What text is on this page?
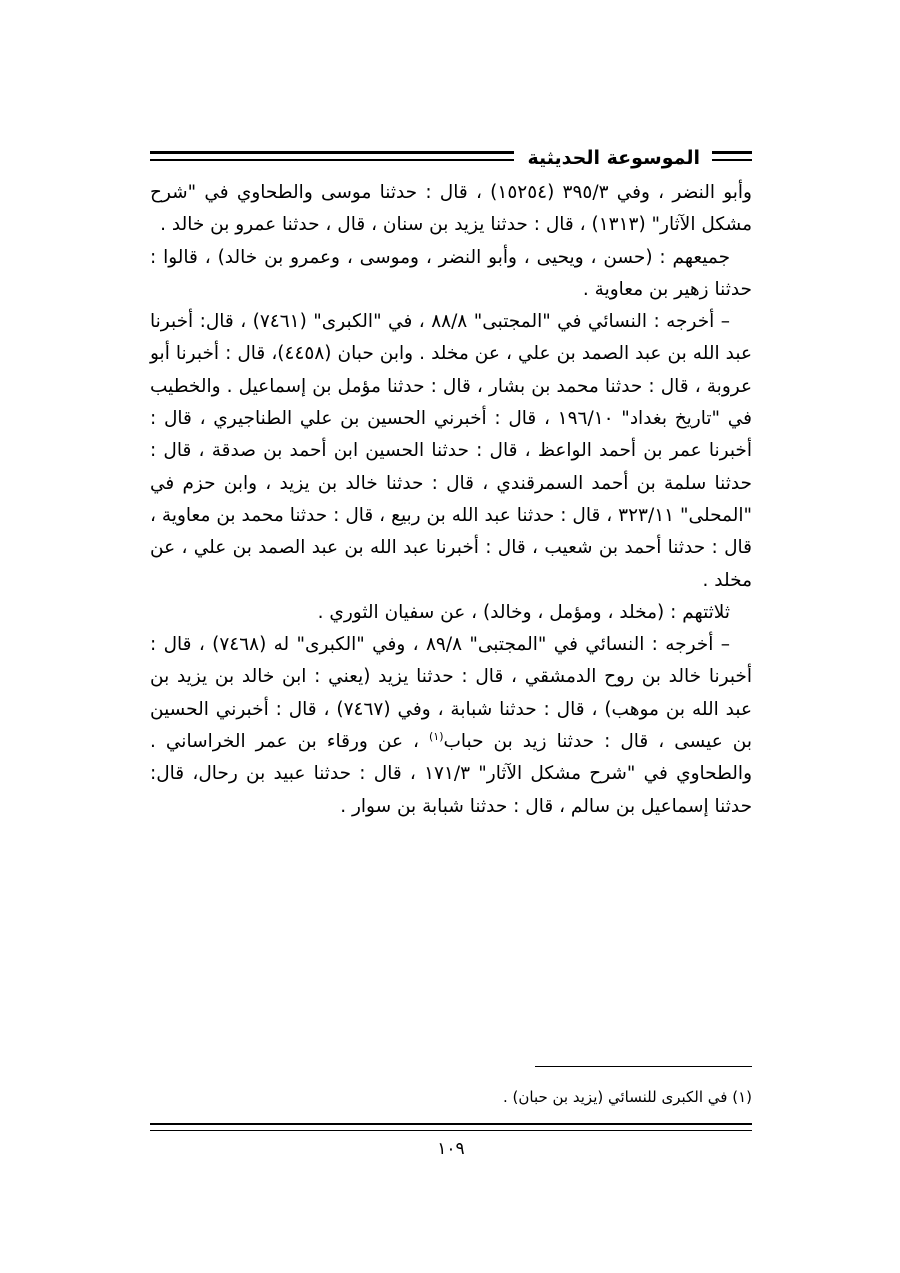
الموسوعة الحديثية

وأبو النضر ، وفي ٣٩٥/٣ (١٥٢٥٤) ، قال : حدثنا موسى والطحاوي في "شرح مشكل الآثار" (١٣١٣) ، قال : حدثنا يزيد بن سنان ، قال ، حدثنا عمرو بن خالد .

جميعهم : (حسن ، ويحيى ، وأبو النضر ، وموسى ، وعمرو بن خالد) ، قالوا : حدثنا زهير بن معاوية .

– أخرجه : النسائي في "المجتبى" ٨٨/٨ ، في "الكبرى" (٧٤٦١) ، قال: أخبرنا عبد الله بن عبد الصمد بن علي ، عن مخلد . وابن حبان (٤٤٥٨)، قال : أخبرنا أبو عروبة ، قال : حدثنا محمد بن بشار ، قال : حدثنا مؤمل بن إسماعيل . والخطيب في "تاريخ بغداد" ١٩٦/١٠ ، قال : أخبرني الحسين بن علي الطناجيري ، قال : أخبرنا عمر بن أحمد الواعظ ، قال : حدثنا الحسين ابن أحمد بن صدقة ، قال : حدثنا سلمة بن أحمد السمرقندي ، قال : حدثنا خالد بن يزيد ، وابن حزم في "المحلى" ٣٢٣/١١ ، قال : حدثنا عبد الله بن ربيع ، قال : حدثنا محمد بن معاوية ، قال : حدثنا أحمد بن شعيب ، قال : أخبرنا عبد الله بن عبد الصمد بن علي ، عن مخلد .

ثلاثتهم : (مخلد ، ومؤمل ، وخالد) ، عن سفيان الثوري .

– أخرجه : النسائي في "المجتبى" ٨٩/٨ ، وفي "الكبرى" له (٧٤٦٨) ، قال : أخبرنا خالد بن روح الدمشقي ، قال : حدثنا يزيد (يعني : ابن خالد بن يزيد بن عبد الله بن موهب) ، قال : حدثنا شبابة ، وفي (٧٤٦٧) ، قال : أخبرني الحسين بن عيسى ، قال : حدثنا زيد بن حباب$^{(١)}$ ، عن ورقاء بن عمر الخراساني . والطحاوي في "شرح مشكل الآثار" ١٧١/٣ ، قال : حدثنا عبيد بن رحال، قال: حدثنا إسماعيل بن سالم ، قال : حدثنا شبابة بن سوار .

(١) في الكبرى للنسائي (يزيد بن حبان) .
١٠٩
